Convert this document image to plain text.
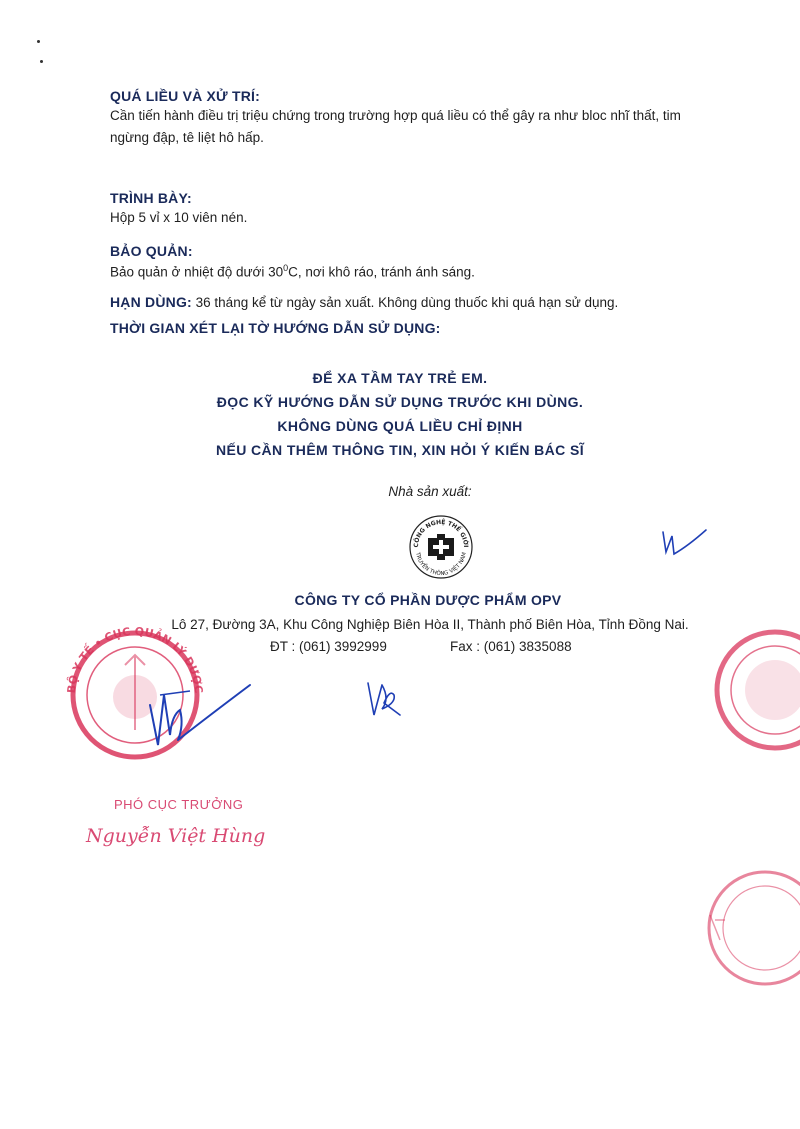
QUÁ LIỀU VÀ XỬ TRÍ:
Cần tiến hành điều trị triệu chứng trong trường hợp quá liều có thể gây ra như bloc nhĩ thất, tim
ngừng đập, tê liệt hô hấp.
TRÌNH BÀY:
Hộp 5 vỉ x 10 viên nén.
BẢO QUẢN:
Bảo quản ở nhiệt độ dưới $30^0C$, nơi khô ráo, tránh ánh sáng.
HẠN DÙNG: 36 tháng kể từ ngày sản xuất. Không dùng thuốc khi quá hạn sử dụng.
THỜI GIAN XÉT LẠI TỜ HƯỚNG DẪN SỬ DỤNG:
ĐỂ XA TẦM TAY TRẺ EM.
ĐỌC KỸ HƯỚNG DẪN SỬ DỤNG TRƯỚC KHI DÙNG.
KHÔNG DÙNG QUÁ LIỀU CHỈ ĐỊNH
NẾU CẦN THÊM THÔNG TIN, XIN HỎI Ý KIẾN BÁC SĨ
Nhà sản xuất:
CÔNG NGHỆ THẾ GIỚI
TRUYỀN THÔNG VIỆT NAM
CÔNG TY CỔ PHẦN DƯỢC PHẨM OPV
Lô 27, Đường 3A, Khu Công Nghiệp Biên Hòa II, Thành phố Biên Hòa, Tỉnh Đồng Nai.
ĐT : (061) 3992999	Fax : (061) 3835088
BỘ Y TẾ • CỤC QUẢN LÝ DƯỢC
PHÓ CỤC TRƯỞNG
Nguyễn Việt Hùng
